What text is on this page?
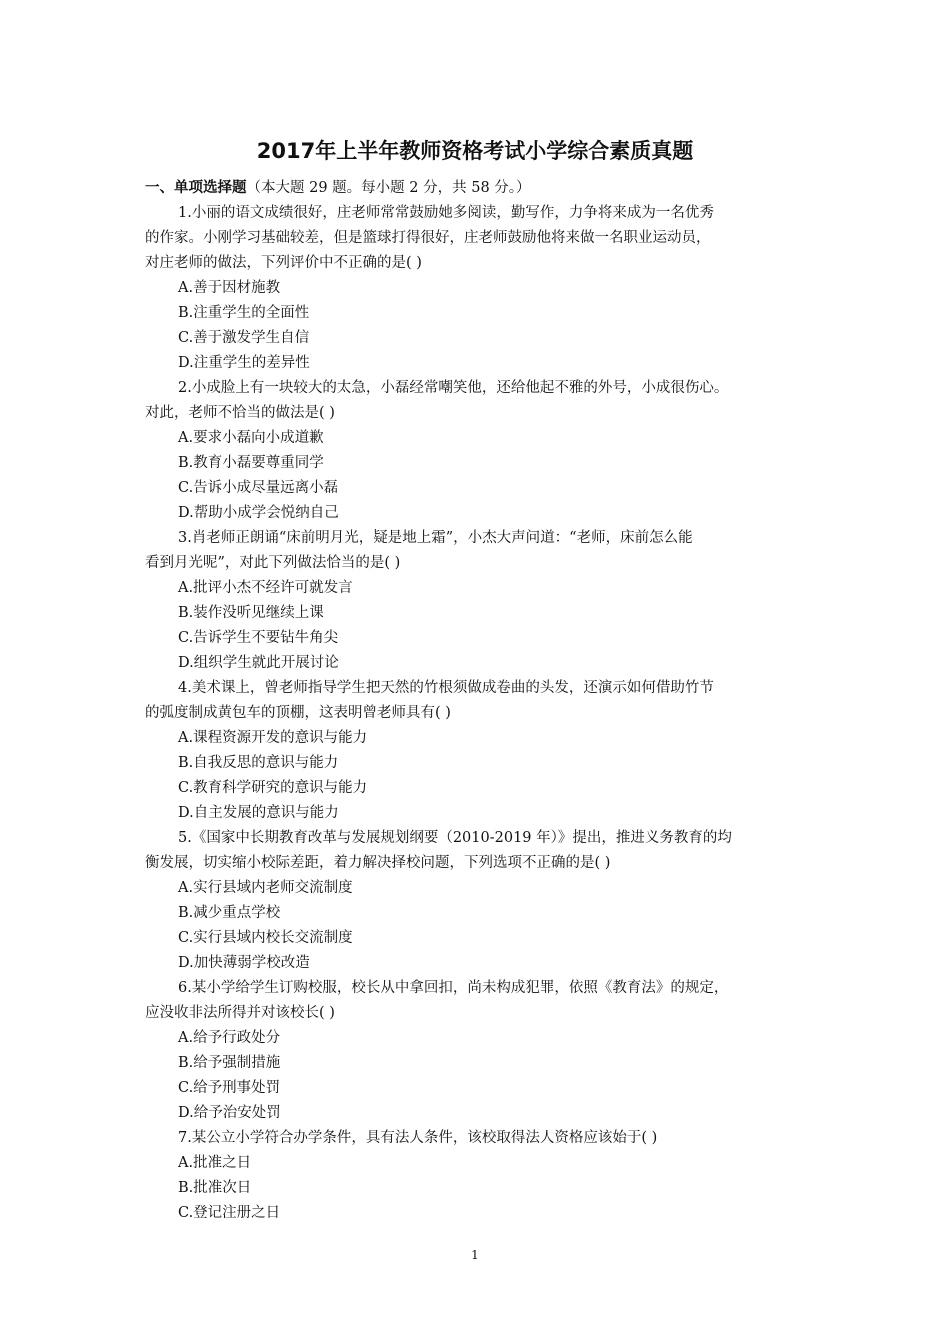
2017年上半年教师资格考试小学综合素质真题
一、单项选择题（本大题 29 题。每小题 2 分，共 58 分。）
1.小丽的语文成绩很好，庄老师常常鼓励她多阅读，勤写作，力争将来成为一名优秀
的作家。小刚学习基础较差，但是篮球打得很好，庄老师鼓励他将来做一名职业运动员，
对庄老师的做法，下列评价中不正确的是( )
A.善于因材施教
B.注重学生的全面性
C.善于激发学生自信
D.注重学生的差异性
2.小成脸上有一块较大的太急，小磊经常嘲笑他，还给他起不雅的外号，小成很伤心。
对此，老师不恰当的做法是( )
A.要求小磊向小成道歉
B.教育小磊要尊重同学
C.告诉小成尽量远离小磊
D.帮助小成学会悦纳自己
3.肖老师正朗诵“床前明月光，疑是地上霜”，小杰大声问道：“老师，床前怎么能
看到月光呢”，对此下列做法恰当的是( )
A.批评小杰不经许可就发言
B.装作没听见继续上课
C.告诉学生不要钻牛角尖
D.组织学生就此开展讨论
4.美术课上，曾老师指导学生把天然的竹根须做成卷曲的头发，还演示如何借助竹节
的弧度制成黄包车的顶棚，这表明曾老师具有( )
A.课程资源开发的意识与能力
B.自我反思的意识与能力
C.教育科学研究的意识与能力
D.自主发展的意识与能力
5.《国家中长期教育改革与发展规划纲要（2010-2019 年）》提出，推进义务教育的均
衡发展，切实缩小校际差距，着力解决择校问题，下列选项不正确的是( )
A.实行县域内老师交流制度
B.减少重点学校
C.实行县域内校长交流制度
D.加快薄弱学校改造
6.某小学给学生订购校服，校长从中拿回扣，尚未构成犯罪，依照《教育法》的规定，
应没收非法所得并对该校长( )
A.给予行政处分
B.给予强制措施
C.给予刑事处罚
D.给予治安处罚
7.某公立小学符合办学条件，具有法人条件，该校取得法人资格应该始于( )
A.批准之日
B.批准次日
C.登记注册之日
1
